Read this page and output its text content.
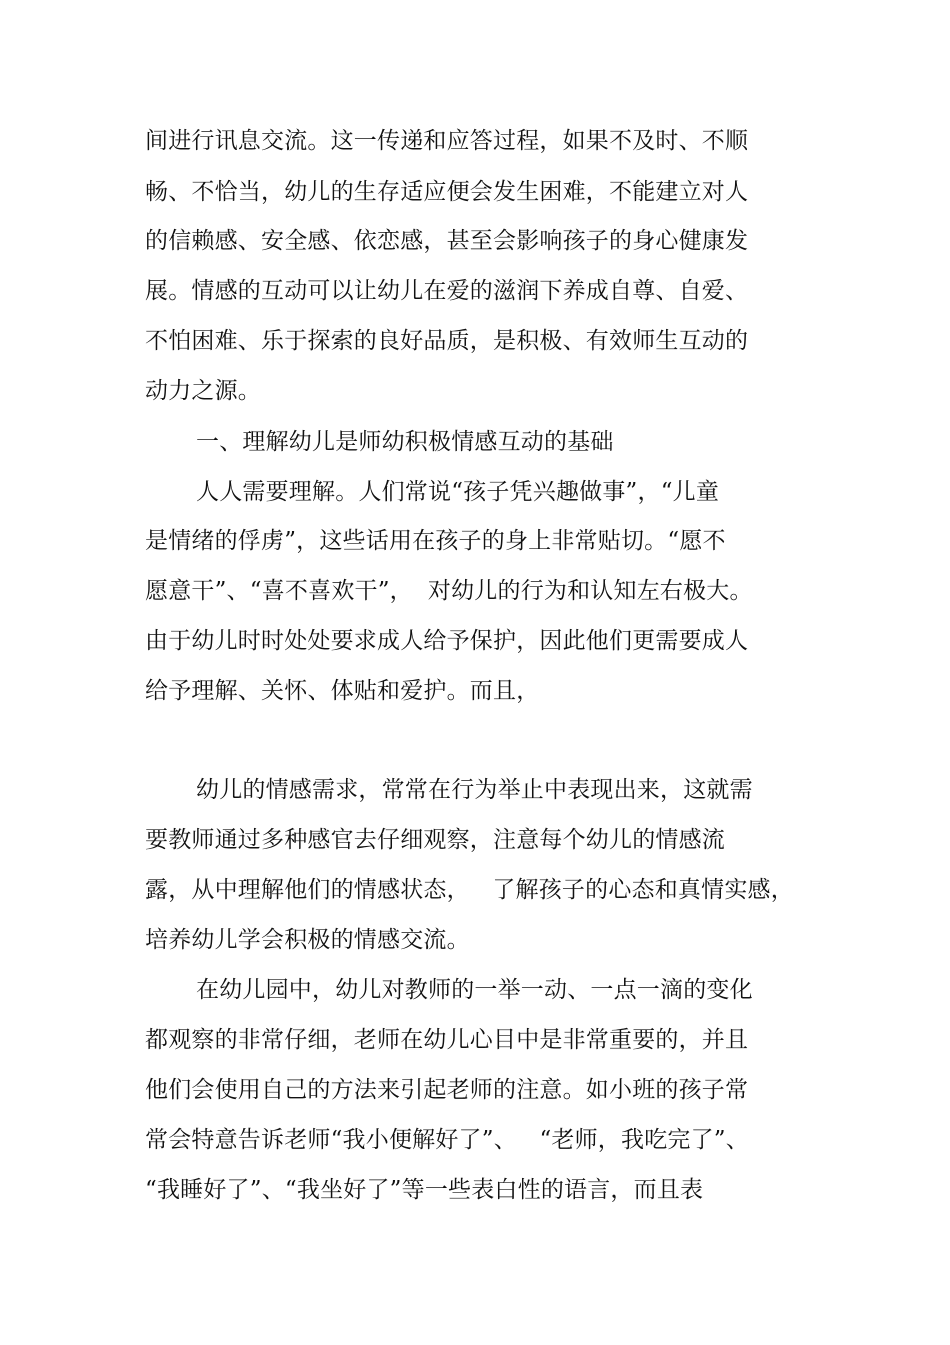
间进行讯息交流。这一传递和应答过程，如果不及时、不顺
畅、不恰当，幼儿的生存适应便会发生困难，不能建立对人
的信赖感、安全感、依恋感，甚至会影响孩子的身心健康发
展。情感的互动可以让幼儿在爱的滋润下养成自尊、自爱、
不怕困难、乐于探索的良好品质，是积极、有效师生互动的
动力之源。
一、理解幼儿是师幼积极情感互动的基础
人人需要理解。人们常说“孩子凭兴趣做事”，“儿童
是情绪的俘虏”，这些话用在孩子的身上非常贴切。“愿不
愿意干”、“喜不喜欢干”，  对幼儿的行为和认知左右极大。
由于幼儿时时处处要求成人给予保护，因此他们更需要成人
给予理解、关怀、体贴和爱护。而且，
幼儿的情感需求，常常在行为举止中表现出来，这就需
要教师通过多种感官去仔细观察，注意每个幼儿的情感流
露，从中理解他们的情感状态，   了解孩子的心态和真情实感，
培养幼儿学会积极的情感交流。
在幼儿园中，幼儿对教师的一举一动、一点一滴的变化
都观察的非常仔细，老师在幼儿心目中是非常重要的，并且
他们会使用自己的方法来引起老师的注意。如小班的孩子常
常会特意告诉老师“我小便解好了”、   “老师，我吃完了”、
“我睡好了”、“我坐好了”等一些表白性的语言，而且表
